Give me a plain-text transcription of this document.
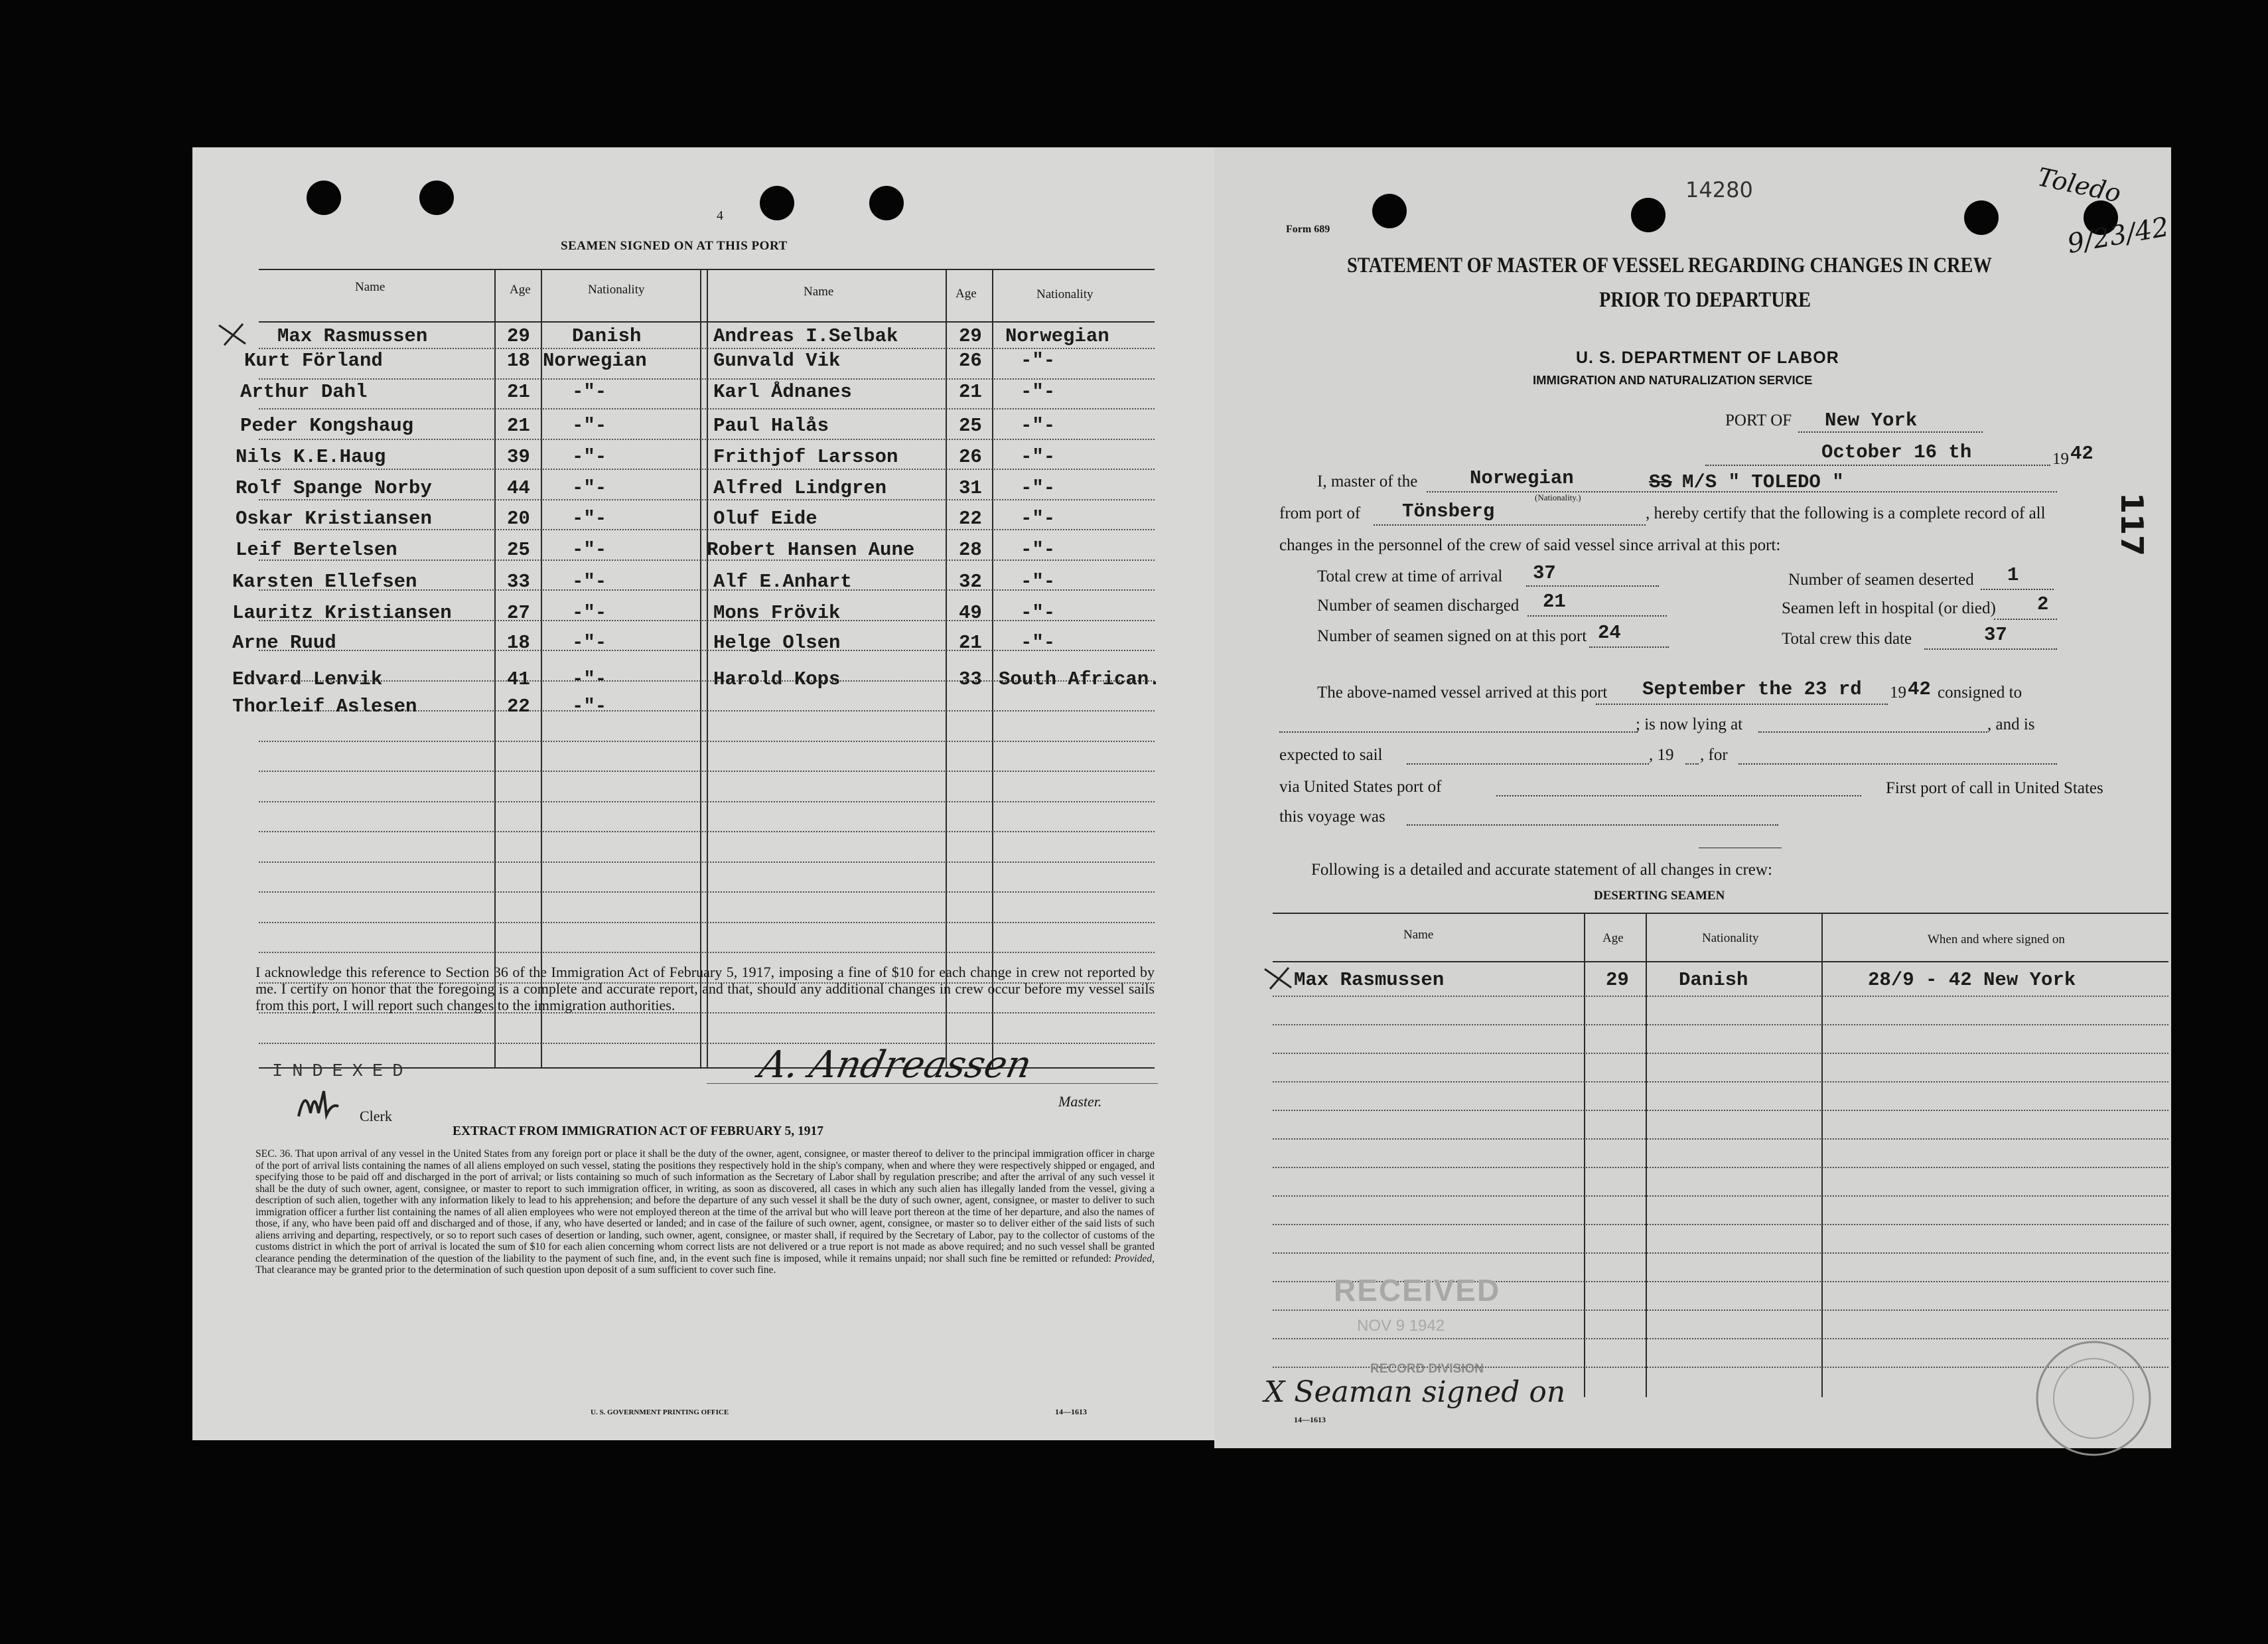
4
SEAMEN SIGNED ON AT THIS PORT
Name	Age	Nationality	Name	Age	Nationality
Max Rasmussen	29 Danish	Andreas I.Selbak	29 Norwegian
Kurt Förland	18 Norwegian	Gunvald Vik	26 -"-
Arthur Dahl	21 -"-	Karl Ådnanes	21 -"-
Peder Kongshaug	21 -"-	Paul Halås	25 -"-
Nils K.E.Haug	39 -"-	Frithjof Larsson	26 -"-
Rolf Spange Norby	44 -"-	Alfred Lindgren	31 -"-
Oskar Kristiansen	20 -"-	Oluf Eide	22 -"-
Leif Bertelsen	25 -"-	Robert Hansen Aune 28 -"-
Karsten Ellefsen	33 -"-	Alf E.Anhart	32 -"-
Lauritz Kristiansen	27 -"-	Mons Frövik	49 -"-
Arne Ruud	18 -"-	Helge Olsen	21 -"-
Edvard Lenvik	41 -"-	Harold Kops	33 South African.
Thorleif Aslesen	22 -"-
I acknowledge this reference to Section 36 of the Immigration Act of February 5, 1917, imposing a fine of $10 for each change in crew not reported by me. I certify on honor that the foregoing is a complete and accurate report, and that, should any additional changes in crew occur before my vessel sails from this port, I will report such changes to the immigration authorities.
INDEXED
Clerk
A. Andreassen
Master.
EXTRACT FROM IMMIGRATION ACT OF FEBRUARY 5, 1917
SEC. 36. That upon arrival of any vessel in the United States from any foreign port or place it shall be the duty of the owner, agent, consignee, or master thereof to deliver to the principal immigration officer in charge of the port of arrival lists containing the names of all aliens employed on such vessel, stating the positions they respectively hold in the ship's company, when and where they were respectively shipped or engaged, and specifying those to be paid off and discharged in the port of arrival; or lists containing so much of such information as the Secretary of Labor shall by regulation prescribe; and after the arrival of any such vessel it shall be the duty of such owner, agent, consignee, or master to report to such immigration officer, in writing, as soon as discovered, all cases in which any such alien has illegally landed from the vessel, giving a description of such alien, together with any information likely to lead to his apprehension; and before the departure of any such vessel it shall be the duty of such owner, agent, consignee, or master to deliver to such immigration officer a further list containing the names of all alien employees who were not employed thereon at the time of the arrival but who will leave port thereon at the time of her departure, and also the names of those, if any, who have been paid off and discharged and of those, if any, who have deserted or landed; and in case of the failure of such owner, agent, consignee, or master so to deliver either of the said lists of such aliens arriving and departing, respectively, or so to report such cases of desertion or landing, such owner, agent, consignee, or master shall, if required by the Secretary of Labor, pay to the collector of customs of the customs district in which the port of arrival is located the sum of $10 for each alien concerning whom correct lists are not delivered or a true report is not made as above required; and no such vessel shall be granted clearance pending the determination of the question of the liability to the payment of such fine, and, in the event such fine is imposed, while it remains unpaid; nor shall such fine be remitted or refunded: Provided, That clearance may be granted prior to the determination of such question upon deposit of a sum sufficient to cover such fine.
U. S. GOVERNMENT PRINTING OFFICE	14—1613
14280	Toledo
9/23/42
Form 689
STATEMENT OF MASTER OF VESSEL REGARDING CHANGES IN CREW
PRIOR TO DEPARTURE
U. S. DEPARTMENT OF LABOR
IMMIGRATION AND NATURALIZATION SERVICE
PORT OF New York
October 16 th	19 42
I, master of the	Norwegian
(Nationality.)
SS M/S " TOLEDO "
from port of Tönsberg	, hereby certify that the following is a complete record of all 117
changes in the personnel of the crew of said vessel since arrival at this port:
Total crew at time of arrival 37	Number of seamen deserted 1
Number of seamen discharged 21	Seamen left in hospital (or died) 2
Number of seamen signed on at this port 24	Total crew this date	37
The above-named vessel arrived at this port September the 23 rd 19 42 consigned to
; is now lying at	, and is
expected to sail	, 19 , for
via United States port of	First port of call in United States
this voyage was
Following is a detailed and accurate statement of all changes in crew:
DESERTING SEAMEN
Name	Age	Nationality	When and where signed on
Max Rasmussen	29	Danish	28/9 - 42 New York
RECEIVED
NOV 9 1942
RECORD DIVISION
X Seaman signed on
14—1613
